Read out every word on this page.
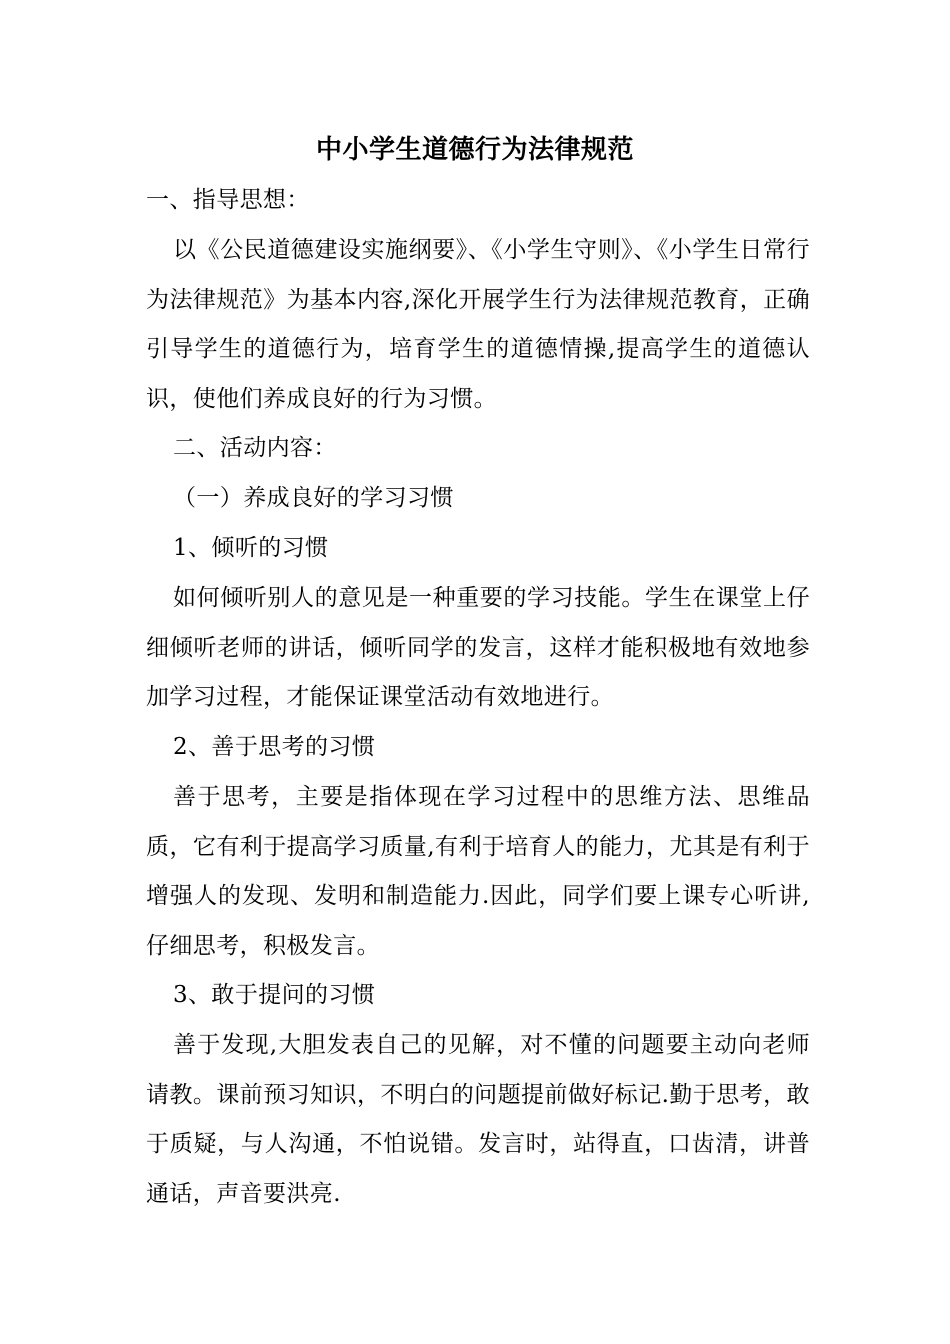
中小学生道德行为法律规范

一、指导思想：

以《公民道德建设实施纲要》、《小学生守则》、《小学生日常行为法律规范》为基本内容,深化开展学生行为法律规范教育，正确引导学生的道德行为，培育学生的道德情操,提高学生的道德认识，使他们养成良好的行为习惯。

二、活动内容：

（一）养成良好的学习习惯

1、倾听的习惯

如何倾听别人的意见是一种重要的学习技能。学生在课堂上仔细倾听老师的讲话，倾听同学的发言，这样才能积极地有效地参加学习过程，才能保证课堂活动有效地进行。

2、善于思考的习惯

善于思考，主要是指体现在学习过程中的思维方法、思维品质，它有利于提高学习质量,有利于培育人的能力，尤其是有利于增强人的发现、发明和制造能力.因此，同学们要上课专心听讲,仔细思考，积极发言。

3、敢于提问的习惯

善于发现,大胆发表自己的见解，对不懂的问题要主动向老师请教。课前预习知识，不明白的问题提前做好标记.勤于思考，敢于质疑，与人沟通，不怕说错。发言时，站得直，口齿清，讲普通话，声音要洪亮.
